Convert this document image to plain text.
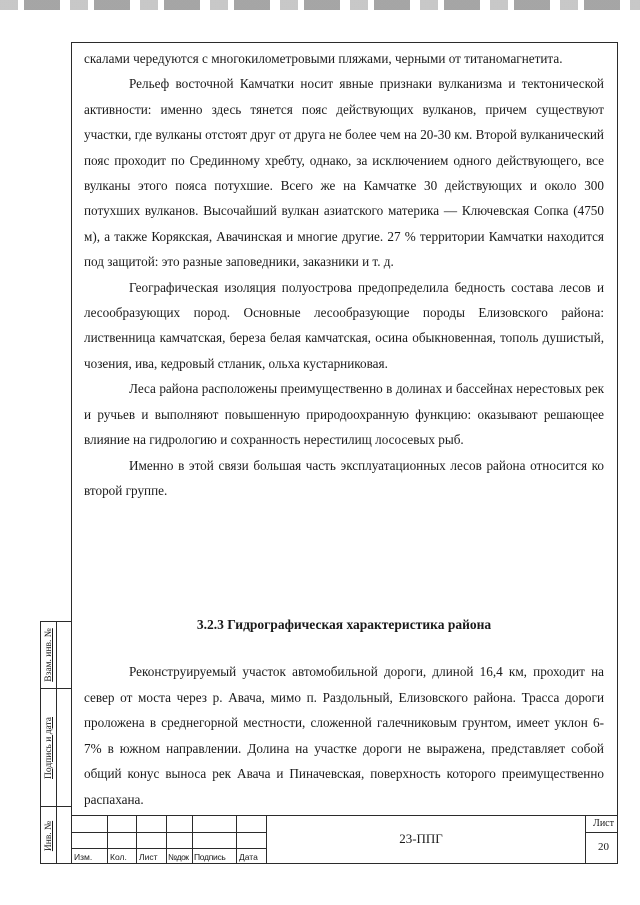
Взам. инв. №
Подпись и дата
Инв. №

скалами чередуются с многокилометровыми пляжами, черными от титаномагнетита.

Рельеф восточной Камчатки носит явные признаки вулканизма и тектонической активности: именно здесь тянется пояс действующих вулканов, причем существуют участки, где вулканы отстоят друг от друга не более чем на 20-30 км. Второй вулканический пояс проходит по Срединному хребту, однако, за исключением одного действующего, все вулканы этого пояса потухшие. Всего же на Камчатке 30 действующих и около 300 потухших вулканов. Высочайший вулкан азиатского материка — Ключевская Сопка (4750 м), а также Корякская, Авачинская и многие другие. 27 % территории Камчатки находится под защитой: это разные заповедники, заказники и т. д.

Географическая изоляция полуострова предопределила бедность состава лесов и лесообразующих пород. Основные лесообразующие породы Елизовского района: лиственница камчатская, береза белая камчатская, осина обыкновенная, тополь душистый, чозения, ива, кедровый стланик, ольха кустарниковая.

Леса района расположены преимущественно в долинах и бассейнах нерестовых рек и ручьев и выполняют повышенную природоохранную функцию: оказывают решающее влияние на гидрологию и сохранность нерестилищ лососевых рыб.

Именно в этой связи большая часть эксплуатационных лесов района относится ко второй группе.

3.2.3 Гидрографическая характеристика района

Реконструируемый участок автомобильной дороги, длиной 16,4 км, проходит на север от моста через р. Авача, мимо п. Раздольный, Елизовского района. Трасса дороги проложена в среднегорной местности, сложенной галечниковым грунтом, имеет уклон 6-7% в южном направлении. Долина на участке дороги не выражена, представляет собой общий конус выноса рек Авача и Пиначевская, поверхность которого преимущественно распахана.

Изм. Кол. Лист №док Подпись Дата
23-ППГ
Лист
20
